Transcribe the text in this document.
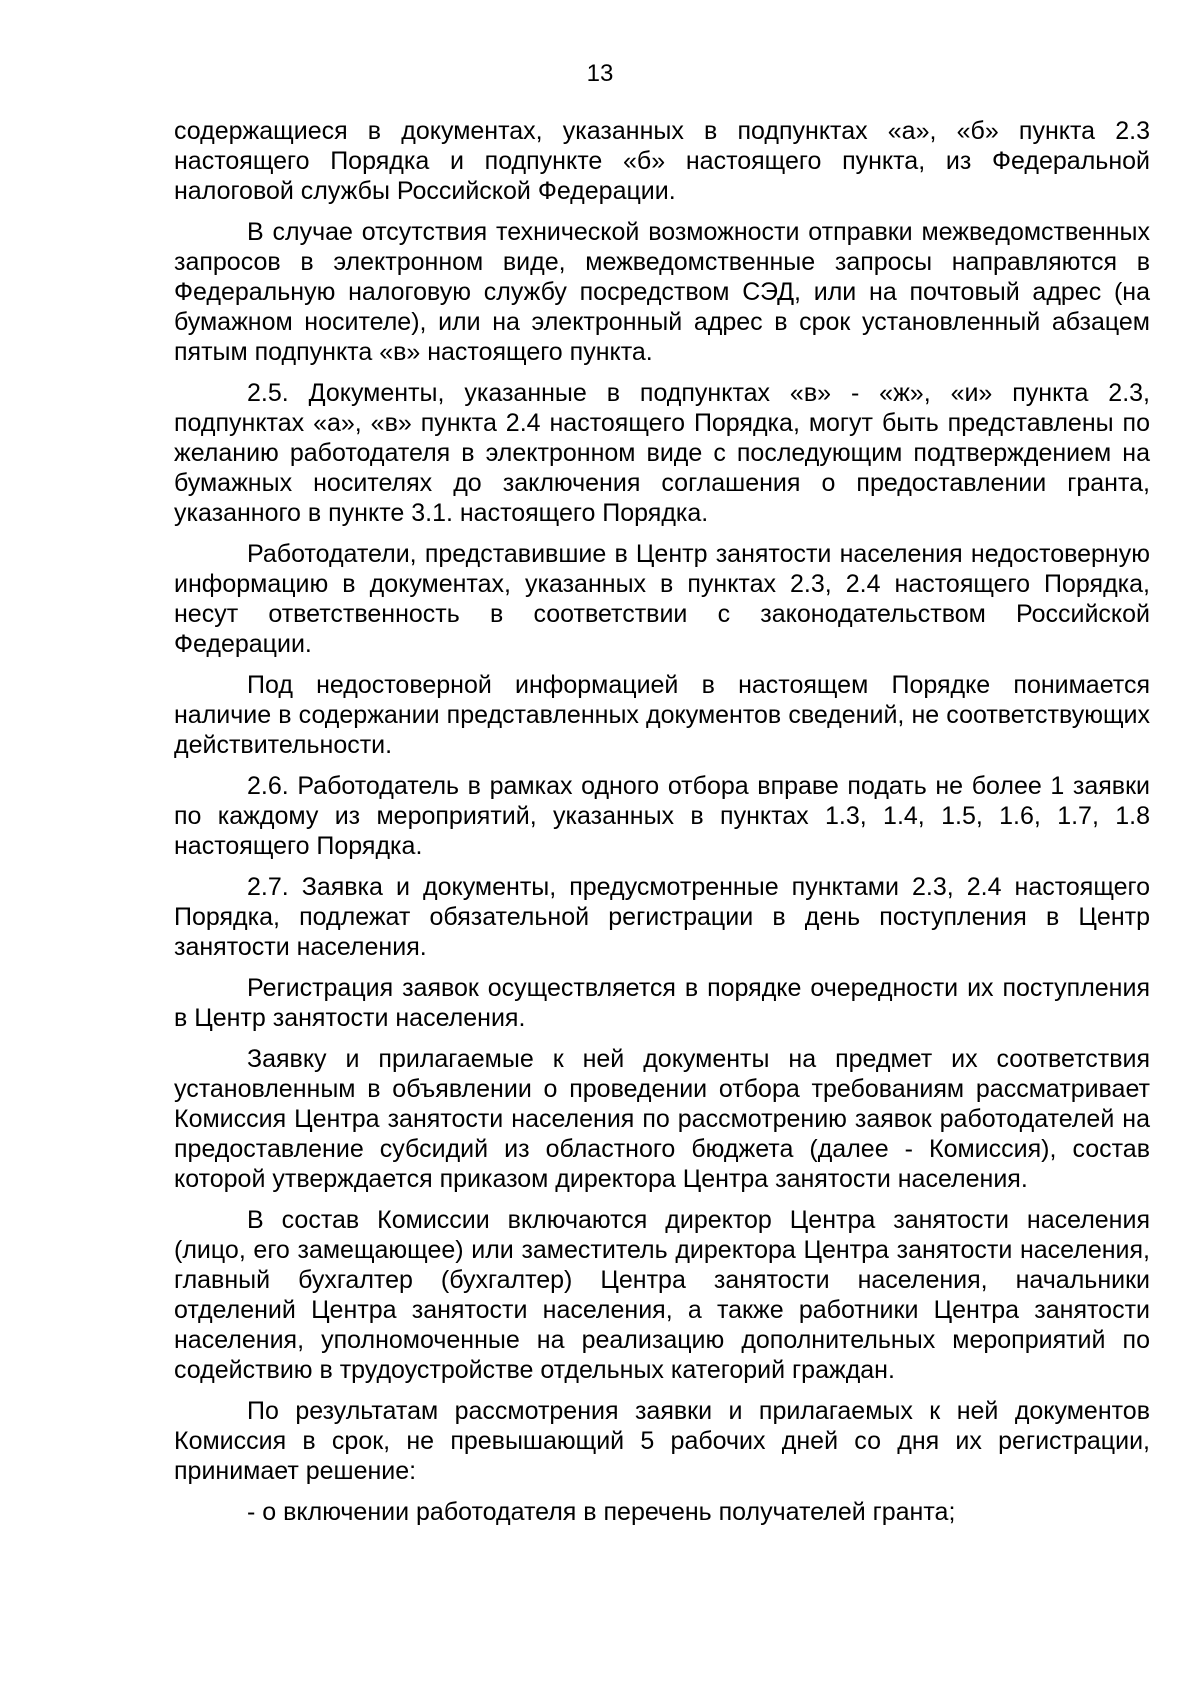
13

содержащиеся в документах, указанных в подпунктах «а», «б» пункта 2.3 настоящего Порядка и подпункте «б» настоящего пункта, из Федеральной налоговой службы Российской Федерации.

В случае отсутствия технической возможности отправки межведомственных запросов в электронном виде, межведомственные запросы направляются в Федеральную налоговую службу посредством СЭД, или на почтовый адрес (на бумажном носителе), или на электронный адрес в срок установленный абзацем пятым подпункта «в» настоящего пункта.

2.5. Документы, указанные в подпунктах «в» - «ж», «и» пункта 2.3, подпунктах «а», «в» пункта 2.4 настоящего Порядка, могут быть представлены по желанию работодателя в электронном виде с последующим подтверждением на бумажных носителях до заключения соглашения о предоставлении гранта, указанного в пункте 3.1. настоящего Порядка.

Работодатели, представившие в Центр занятости населения недостоверную информацию в документах, указанных в пунктах 2.3, 2.4 настоящего Порядка, несут ответственность в соответствии с законодательством Российской Федерации.

Под недостоверной информацией в настоящем Порядке понимается наличие в содержании представленных документов сведений, не соответствующих действительности.

2.6. Работодатель в рамках одного отбора вправе подать не более 1 заявки по каждому из мероприятий, указанных в пунктах 1.3, 1.4, 1.5, 1.6, 1.7, 1.8 настоящего Порядка.

2.7. Заявка и документы, предусмотренные пунктами 2.3, 2.4 настоящего Порядка, подлежат обязательной регистрации в день поступления в Центр занятости населения.

Регистрация заявок осуществляется в порядке очередности их поступления в Центр занятости населения.

Заявку и прилагаемые к ней документы на предмет их соответствия установленным в объявлении о проведении отбора требованиям рассматривает Комиссия Центра занятости населения по рассмотрению заявок работодателей на предоставление субсидий из областного бюджета (далее - Комиссия), состав которой утверждается приказом директора Центра занятости населения.

В состав Комиссии включаются директор Центра занятости населения (лицо, его замещающее) или заместитель директора Центра занятости населения, главный бухгалтер (бухгалтер) Центра занятости населения, начальники отделений Центра занятости населения, а также работники Центра занятости населения, уполномоченные на реализацию дополнительных мероприятий по содействию в трудоустройстве отдельных категорий граждан.

По результатам рассмотрения заявки и прилагаемых к ней документов Комиссия в срок, не превышающий 5 рабочих дней со дня их регистрации, принимает решение:

- о включении работодателя в перечень получателей гранта;
